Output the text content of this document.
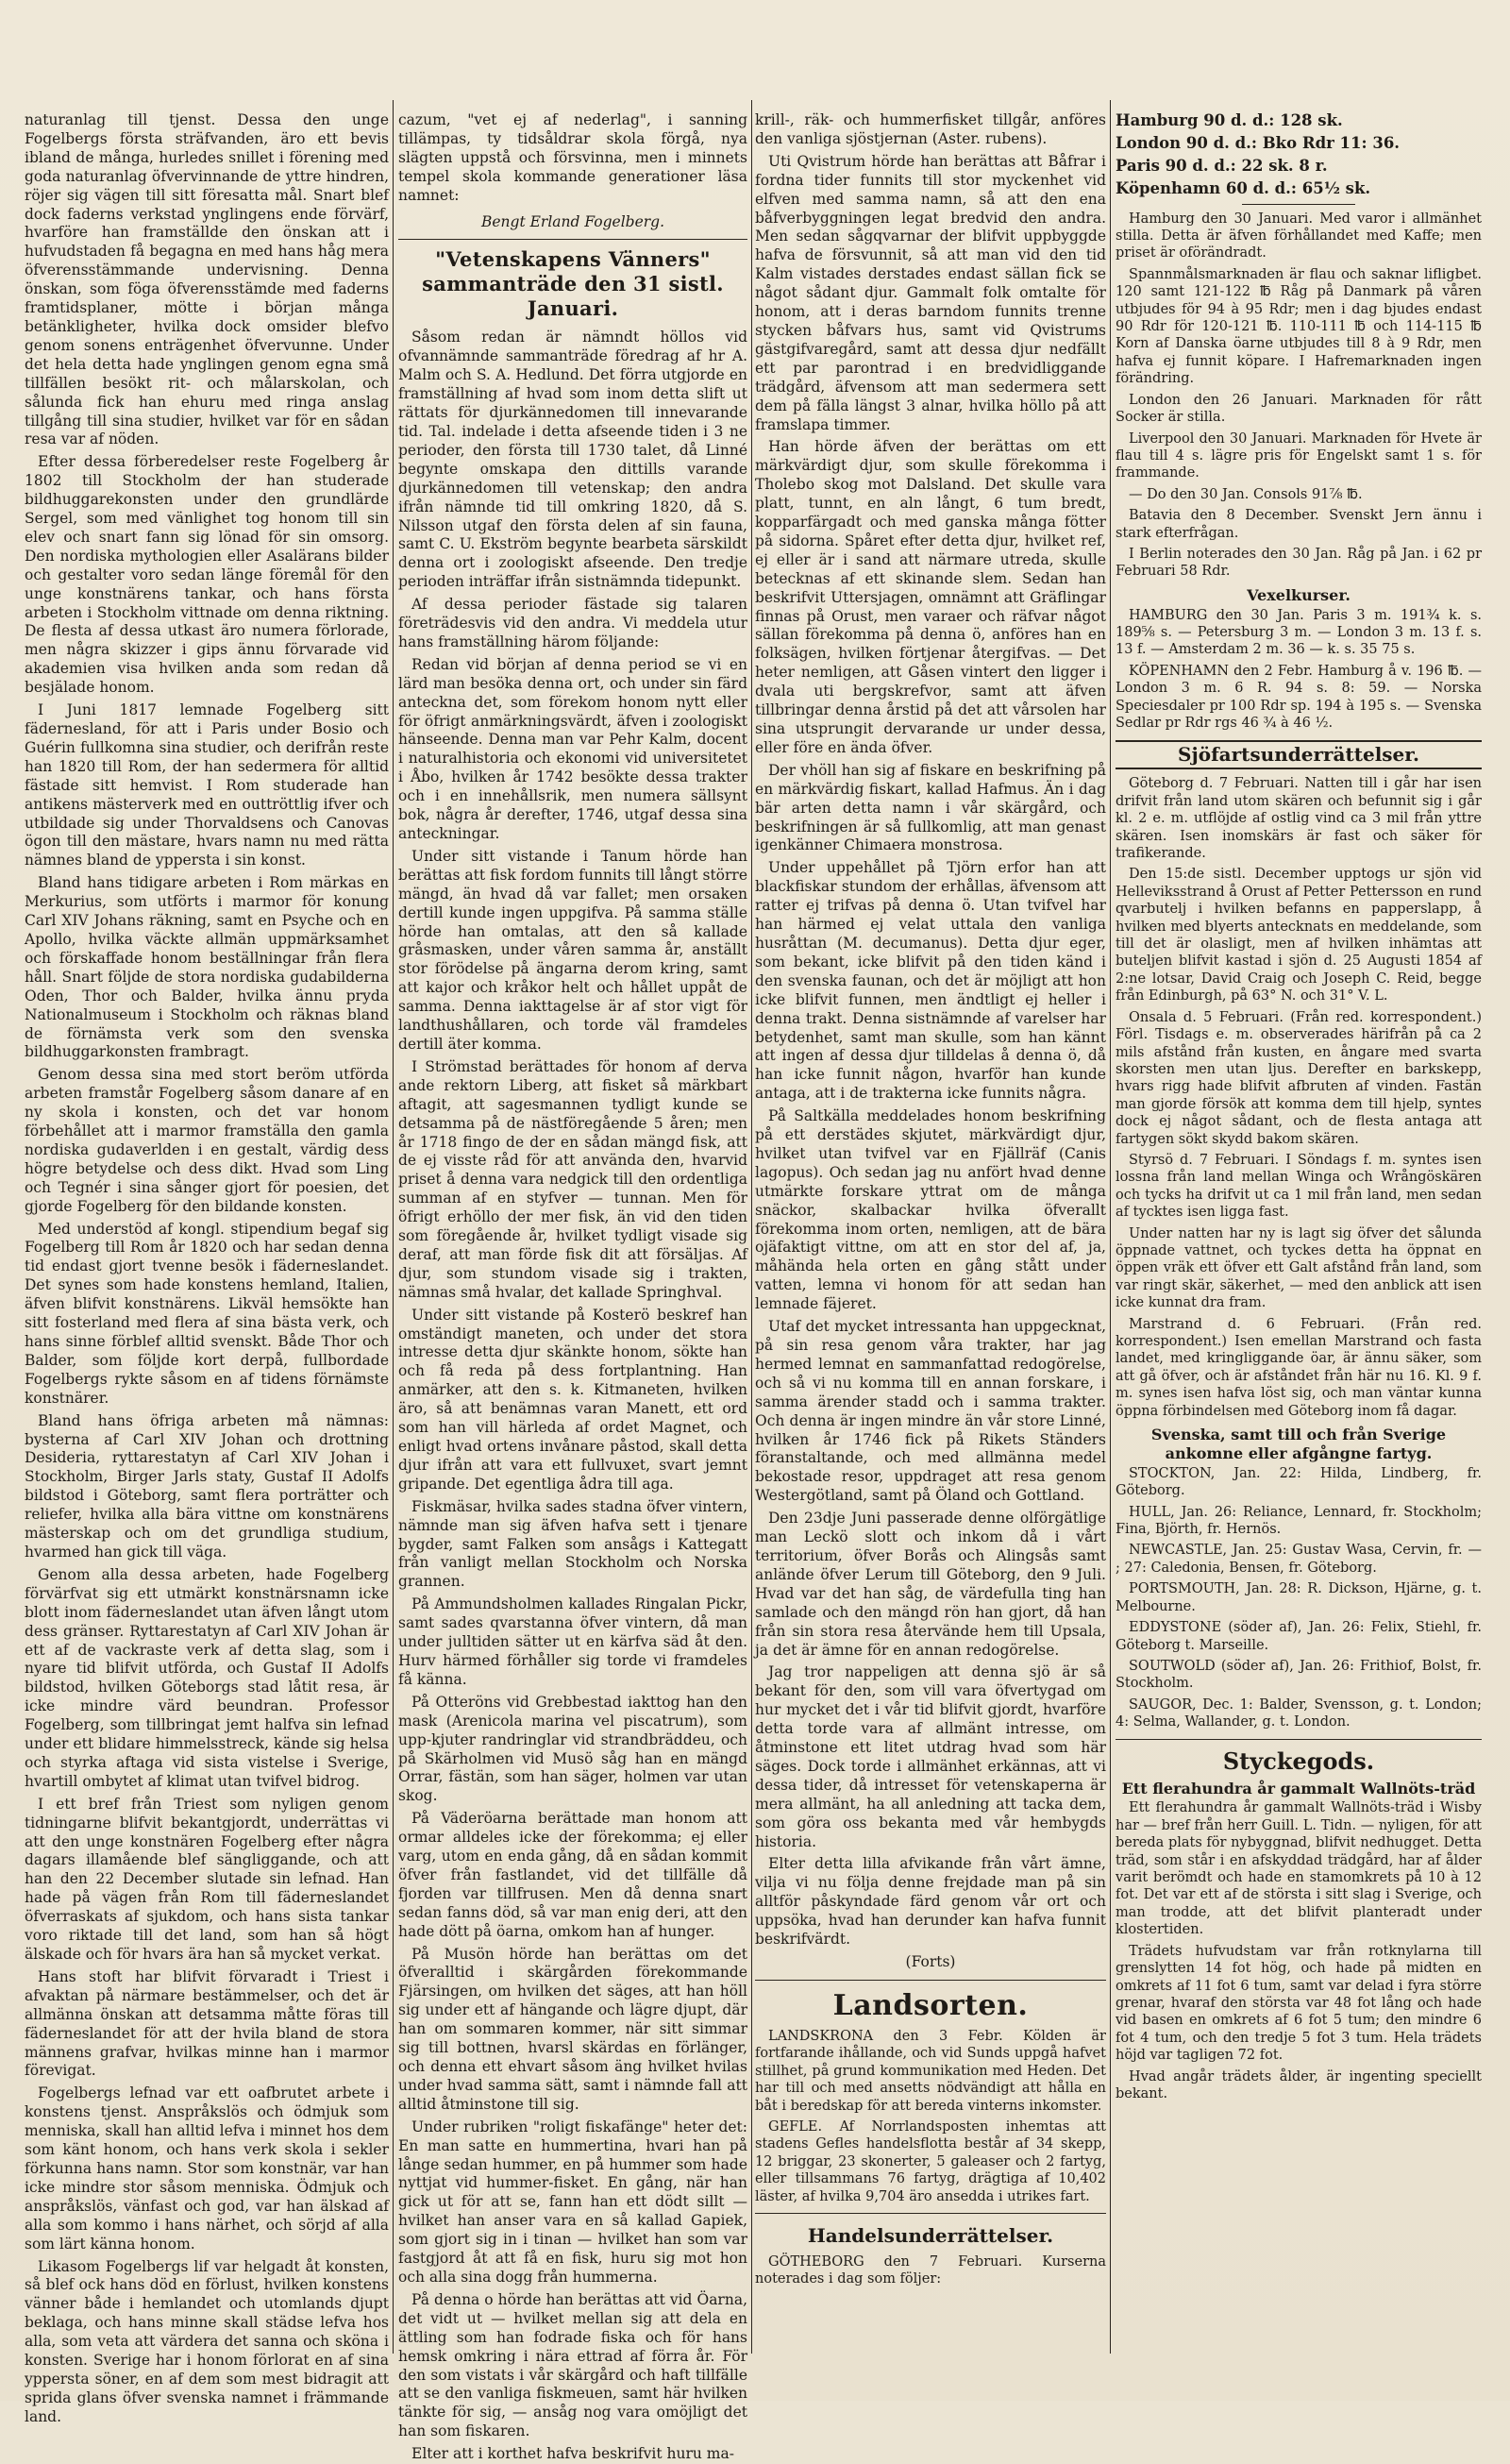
naturanlag till tjenst. Dessa den unge Fogelbergs första sträfvanden, äro ett bevis ibland de många, hurledes snillet i förening med goda naturanlag öfvervinnande de yttre hindren, röjer sig vägen till sitt föresatta mål. Snart blef dock faderns verkstad ynglingens ende förvärf, hvarföre han framställde den önskan att i hufvudstaden få begagna en med hans håg mera öfverensstämmande undervisning. Denna önskan, som föga öfverensstämde med faderns framtidsplaner, mötte i början många betänkligheter, hvilka dock omsider blefvo genom sonens enträgenhet öfvervunne. Under det hela detta hade ynglingen genom egna små tillfällen besökt rit- och målarskolan, och sålunda fick han ehuru med ringa anslag tillgång till sina studier, hvilket var för en sådan resa var af nöden.

Efter dessa förberedelser reste Fogelberg år 1802 till Stockholm der han studerade bildhuggarekonsten under den grundlärde Sergel, som med vänlighet tog honom till sin elev och snart fann sig lönad för sin omsorg. Den nordiska mythologien eller Asalärans bilder och gestalter voro sedan länge föremål för den unge konstnärens tankar, och hans första arbeten i Stockholm vittnade om denna riktning. De flesta af dessa utkast äro numera förlorade, men några skizzer i gips ännu förvarade vid akademien visa hvilken anda som redan då besjälade honom.

I Juni 1817 lemnade Fogelberg sitt fädernesland, för att i Paris under Bosio och Guérin fullkomna sina studier, och derifrån reste han 1820 till Rom, der han sedermera för alltid fästade sitt hemvist. I Rom studerade han antikens mästerverk med en outtröttlig ifver och utbildade sig under Thorvaldsens och Canovas ögon till den mästare, hvars namn nu med rätta nämnes bland de yppersta i sin konst.

Bland hans tidigare arbeten i Rom märkas en Merkurius, som utförts i marmor för konung Carl XIV Johans räkning, samt en Psyche och en Apollo, hvilka väckte allmän uppmärksamhet och förskaffade honom beställningar från flera håll. Snart följde de stora nordiska gudabilderna Oden, Thor och Balder, hvilka ännu pryda Nationalmuseum i Stockholm och räknas bland de förnämsta verk som den svenska bildhuggarkonsten frambragt.

Genom dessa sina med stort beröm utförda arbeten framstår Fogelberg såsom danare af en ny skola i konsten, och det var honom förbehållet att i marmor framställa den gamla nordiska gudaverlden i en gestalt, värdig dess högre betydelse och dess dikt. Hvad som Ling och Tegnér i sina sånger gjort för poesien, det gjorde Fogelberg för den bildande konsten.

Med understöd af kongl. stipendium begaf sig Fogelberg till Rom år 1820 och har sedan denna tid endast gjort tvenne besök i fäderneslandet. Det synes som hade konstens hemland, Italien, äfven blifvit konstnärens. Likväl hemsökte han sitt fosterland med flera af sina bästa verk, och hans sinne förblef alltid svenskt. Både Thor och Balder, som följde kort derpå, fullbordade Fogelbergs rykte såsom en af tidens förnämste konstnärer.

Bland hans öfriga arbeten må nämnas: bysterna af Carl XIV Johan och drottning Desideria, ryttarestatyn af Carl XIV Johan i Stockholm, Birger Jarls staty, Gustaf II Adolfs bildstod i Göteborg, samt flera porträtter och reliefer, hvilka alla bära vittne om konstnärens mästerskap och om det grundliga studium, hvarmed han gick till väga.

Genom alla dessa arbeten, hade Fogelberg förvärfvat sig ett utmärkt konstnärsnamn icke blott inom fäderneslandet utan äfven långt utom dess gränser. Ryttarestatyn af Carl XIV Johan är ett af de vackraste verk af detta slag, som i nyare tid blifvit utförda, och Gustaf II Adolfs bildstod, hvilken Göteborgs stad låtit resa, är icke mindre värd beundran. Professor Fogelberg, som tillbringat jemt halfva sin lefnad under ett blidare himmelsstreck, kände sig helsa och styrka aftaga vid sista vistelse i Sverige, hvartill ombytet af klimat utan tvifvel bidrog.

I ett bref från Triest som nyligen genom tidningarne blifvit bekantgjordt, underrättas vi att den unge konstnären Fogelberg efter några dagars illamående blef sängliggande, och att han den 22 December slutade sin lefnad. Han hade på vägen från Rom till fäderneslandet öfverraskats af sjukdom, och hans sista tankar voro riktade till det land, som han så högt älskade och för hvars ära han så mycket verkat.

Hans stoft har blifvit förvaradt i Triest i afvaktan på närmare bestämmelser, och det är allmänna önskan att detsamma måtte föras till fäderneslandet för att der hvila bland de stora männens grafvar, hvilkas minne han i marmor förevigat.

Fogelbergs lefnad var ett oafbrutet arbete i konstens tjenst. Anspråkslös och ödmjuk som menniska, skall han alltid lefva i minnet hos dem som känt honom, och hans verk skola i sekler förkunna hans namn. Stor som konstnär, var han icke mindre stor såsom menniska. Ödmjuk och anspråkslös, vänfast och god, var han älskad af alla som kommo i hans närhet, och sörjd af alla som lärt känna honom.

Likasom Fogelbergs lif var helgadt åt konsten, så blef ock hans död en förlust, hvilken konstens vänner både i hemlandet och utomlands djupt beklaga, och hans minne skall städse lefva hos alla, som veta att värdera det sanna och sköna i konsten. Sverige har i honom förlorat en af sina yppersta söner, en af dem som mest bidragit att sprida glans öfver svenska namnet i främmande land.

cazum, "vet ej af nederlag", i sanning tillämpas, ty tidsåldrar skola förgå, nya slägten uppstå och försvinna, men i minnets tempel skola kommande generationer läsa namnet:

Bengt Erland Fogelberg.
"Vetenskapens Vänners" sammanträde den 31 sistl. Januari.

Såsom redan är nämndt höllos vid ofvannämnde sammanträde föredrag af hr A. Malm och S. A. Hedlund. Det förra utgjorde en framställning af hvad som inom detta slift ut rättats för djurkännedomen till innevarande tid. Tal. indelade i detta afseende tiden i 3 ne perioder, den första till 1730 talet, då Linné begynte omskapa den dittills varande djurkännedomen till vetenskap; den andra ifrån nämnde tid till omkring 1820, då S. Nilsson utgaf den första delen af sin fauna, samt C. U. Ekström begynte bearbeta särskildt denna ort i zoologiskt afseende. Den tredje perioden inträffar ifrån sistnämnda tidepunkt.

Af dessa perioder fästade sig talaren företrädesvis vid den andra. Vi meddela utur hans framställning härom följande:

Redan vid början af denna period se vi en lärd man besöka denna ort, och under sin färd anteckna det, som förekom honom nytt eller för öfrigt anmärkningsvärdt, äfven i zoologiskt hänseende. Denna man var Pehr Kalm, docent i naturalhistoria och ekonomi vid universitetet i Åbo, hvilken år 1742 besökte dessa trakter och i en innehållsrik, men numera sällsynt bok, några år derefter, 1746, utgaf dessa sina anteckningar.

Under sitt vistande i Tanum hörde han berättas att fisk fordom funnits till långt större mängd, än hvad då var fallet; men orsaken dertill kunde ingen uppgifva. På samma ställe hörde han omtalas, att den så kallade gråsmasken, under våren samma år, anställt stor förödelse på ängarna derom kring, samt att kajor och kråkor helt och hållet uppåt de samma. Denna iakttagelse är af stor vigt för landthushållaren, och torde väl framdeles dertill äter komma.

I Strömstad berättades för honom af derva ande rektorn Liberg, att fisket så märkbart aftagit, att sagesmannen tydligt kunde se detsamma på de nästföregående 5 åren; men år 1718 fingo de der en sådan mängd fisk, att de ej visste råd för att använda den, hvarvid priset å denna vara nedgick till den ordentliga summan af en styfver — tunnan. Men för öfrigt erhöllo der mer fisk, än vid den tiden som föregående år, hvilket tydligt visade sig deraf, att man förde fisk dit att försäljas. Af djur, som stundom visade sig i trakten, nämnas små hvalar, det kallade Springhval.

Under sitt vistande på Kosterö beskref han omständigt maneten, och under det stora intresse detta djur skänkte honom, sökte han och få reda på dess fortplantning. Han anmärker, att den s. k. Kitmaneten, hvilken äro, så att benämnas varan Manett, ett ord som han vill härleda af ordet Magnet, och enligt hvad ortens invånare påstod, skall detta djur ifrån att vara ett fullvuxet, svart jemnt gripande. Det egentliga ådra till aga.

Fiskmäsar, hvilka sades stadna öfver vintern, nämnde man sig äfven hafva sett i tjenare bygder, samt Falken som ansågs i Kattegatt från vanligt mellan Stockholm och Norska grannen.

På Ammundsholmen kallades Ringalan Pickr, samt sades qvarstanna öfver vintern, då man under julltiden sätter ut en kärfva säd åt den. Hurv härmed förhåller sig torde vi framdeles få känna.

På Otteröns vid Grebbestad iakttog han den mask (Arenicola marina vel piscatrum), som upp-kjuter randringlar vid strandbräddeu, och på Skärholmen vid Musö såg han en mängd Orrar, fästän, som han säger, holmen var utan skog.

På Väderöarna berättade man honom att ormar alldeles icke der förekomma; ej eller varg, utom en enda gång, då en sådan kommit öfver från fastlandet, vid det tillfälle då fjorden var tillfrusen. Men då denna snart sedan fanns död, så var man enig deri, att den hade dött på öarna, omkom han af hunger.

På Musön hörde han berättas om det öfveralltid i skärgården förekommande Fjärsingen, om hvilken det säges, att han höll sig under ett af hängande och lägre djupt, där han om sommaren kommer, när sitt simmar sig till bottnen, hvarsl skärdas en förlänger, och denna ett ehvart såsom äng hvilket hvilas under hvad samma sätt, samt i nämnde fall att alltid åtminstone till sig.

Under rubriken "roligt fiskafänge" heter det: En man satte en hummertina, hvari han på långe sedan hummer, en på hummer som hade nyttjat vid hummer-fisket. En gång, när han gick ut för att se, fann han ett dödt sillt — hvilket han anser vara en så kallad Gapiek, som gjort sig in i tinan — hvilket han som var fastgjord åt att få en fisk, huru sig mot hon och alla sina dogg från hummerna.

På denna o hörde han berättas att vid Öarna, det vidt ut — hvilket mellan sig att dela en ättling som han fodrade fiska och för hans hemsk omkring i nära ettrad af förra år. För den som vistats i vår skärgård och haft tillfälle att se den vanliga fiskmeuen, samt här hvilken tänkte för sig, — ansåg nog vara omöjligt det han som fiskaren.

Elter att i korthet hafva beskrifvit huru ma-

krill-, räk- och hummerfisket tillgår, anföres den vanliga sjöstjernan (Aster. rubens).

Uti Qvistrum hörde han berättas att Båfrar i fordna tider funnits till stor myckenhet vid elfven med samma namn, så att den ena båfverbyggningen legat bredvid den andra. Men sedan sågqvarnar der blifvit uppbyggde hafva de försvunnit, så att man vid den tid Kalm vistades derstades endast sällan fick se något sådant djur. Gammalt folk omtalte för honom, att i deras barndom funnits trenne stycken båfvars hus, samt vid Qvistrums gästgifvaregård, samt att dessa djur nedfällt ett par parontrad i en bredvidliggande trädgård, äfvensom att man sedermera sett dem på fälla längst 3 alnar, hvilka höllo på att framslapa timmer.

Han hörde äfven der berättas om ett märkvärdigt djur, som skulle förekomma i Tholebo skog mot Dalsland. Det skulle vara platt, tunnt, en aln långt, 6 tum bredt, kopparfärgadt och med ganska många fötter på sidorna. Spåret efter detta djur, hvilket ref, ej eller är i sand att närmare utreda, skulle betecknas af ett skinande slem. Sedan han beskrifvit Uttersjagen, omnämnt att Gräflingar finnas på Orust, men varaer och räfvar något sällan förekomma på denna ö, anföres han en folksägen, hvilken förtjenar återgifvas. — Det heter nemligen, att Gåsen vintert den ligger i dvala uti bergskrefvor, samt att äfven tillbringar denna årstid på det att vårsolen har sina utsprungit dervarande ur under dessa, eller före en ända öfver.

Der vhöll han sig af fiskare en beskrifning på en märkvärdig fiskart, kallad Hafmus. Än i dag bär arten detta namn i vår skärgård, och beskrifningen är så fullkomlig, att man genast igenkänner Chimaera monstrosa.

Under uppehållet på Tjörn erfor han att blackfiskar stundom der erhållas, äfvensom att ratter ej trifvas på denna ö. Utan tvifvel har han härmed ej velat uttala den vanliga husråttan (M. decumanus). Detta djur eger, som bekant, icke blifvit på den tiden känd i den svenska faunan, och det är möjligt att hon icke blifvit funnen, men ändtligt ej heller i denna trakt. Denna sistnämnde af varelser har betydenhet, samt man skulle, som han kännt att ingen af dessa djur tilldelas å denna ö, då han icke funnit någon, hvarför han kunde antaga, att i de trakterna icke funnits några.

På Saltkälla meddelades honom beskrifning på ett derstädes skjutet, märkvärdigt djur, hvilket utan tvifvel var en Fjällräf (Canis lagopus). Och sedan jag nu anfört hvad denne utmärkte forskare yttrat om de många snäckor, skalbackar hvilka öfverallt förekomma inom orten, nemligen, att de bära ojäfaktigt vittne, om att en stor del af, ja, måhända hela orten en gång stått under vatten, lemna vi honom för att sedan han lemnade fäjeret.

Utaf det mycket intressanta han uppgecknat, på sin resa genom våra trakter, har jag hermed lemnat en sammanfattad redogörelse, och så vi nu komma till en annan forskare, i samma ärender stadd och i samma trakter. Och denna är ingen mindre än vår store Linné, hvilken år 1746 fick på Rikets Ständers föranstaltande, och med allmänna medel bekostade resor, uppdraget att resa genom Westergötland, samt på Öland och Gottland.

Den 23dje Juni passerade denne olförgätlige man Leckö slott och inkom då i vårt territorium, öfver Borås och Alingsås samt anlände öfver Lerum till Göteborg, den 9 Juli. Hvad var det han såg, de värdefulla ting han samlade och den mängd rön han gjort, då han från sin stora resa återvände hem till Upsala, ja det är ämne för en annan redogörelse.

Jag tror nappeligen att denna sjö är så bekant för den, som vill vara öfvertygad om hur mycket det i vår tid blifvit gjordt, hvarföre detta torde vara af allmänt intresse, om åtminstone ett litet utdrag hvad som här säges. Dock torde i allmänhet erkännas, att vi dessa tider, då intresset för vetenskaperna är mera allmänt, ha all anledning att tacka dem, som göra oss bekanta med vår hembygds historia.

Elter detta lilla afvikande från vårt ämne, vilja vi nu följa denne frejdade man på sin alltför påskyndade färd genom vår ort och uppsöka, hvad han derunder kan hafva funnit beskrifvärdt.

(Forts)

Landsorten.

LANDSKRONA den 3 Febr. Kölden är fortfarande ihållande, och vid Sunds uppgå hafvet stillhet, på grund kommunikation med Heden. Det har till och med ansetts nödvändigt att hålla en båt i beredskap för att bereda vinterns inkomster.

GEFLE. Af Norrlandsposten inhemtas att stadens Gefles handelsflotta består af 34 skepp, 12 briggar, 23 skonerter, 5 galeaser och 2 fartyg, eller tillsammans 76 fartyg, drägtiga af 10,402 läster, af hvilka 9,704 äro ansedda i utrikes fart.

Handelsunderrättelser.

GÖTHEBORG den 7 Februari. Kurserna noterades i dag som följer:

Hamburg 90 d. d.: 128 sk.

London 90 d. d.: Bko Rdr 11: 36.

Paris 90 d. d.: 22 sk. 8 r.

Köpenhamn 60 d. d.: 65½ sk.

Hamburg den 30 Januari. Med varor i allmänhet stilla. Detta är äfven förhållandet med Kaffe; men priset är oförändradt.

Spannmålsmarknaden är flau och saknar lifligbet. 120 samt 121-122 ℔ Råg på Danmark på våren utbjudes för 94 à 95 Rdr; men i dag bjudes endast 90 Rdr för 120-121 ℔. 110-111 ℔ och 114-115 ℔ Korn af Danska öarne utbjudes till 8 à 9 Rdr, men hafva ej funnit köpare. I Hafremarknaden ingen förändring.

London den 26 Januari. Marknaden för rått Socker är stilla.

Liverpool den 30 Januari. Marknaden för Hvete är flau till 4 s. lägre pris för Engelskt samt 1 s. för frammande.

— Do den 30 Jan. Consols 91⅞ ℔.

Batavia den 8 December. Svenskt Jern ännu i stark efterfrågan.

I Berlin noterades den 30 Jan. Råg på Jan. i 62 pr Februari 58 Rdr.

Vexelkurser.

HAMBURG den 30 Jan. Paris 3 m. 191¾ k. s. 189⅝ s. — Petersburg 3 m. — London 3 m. 13 f. s. 13 f. — Amsterdam 2 m. 36 — k. s. 35 75 s.

KÖPENHAMN den 2 Febr. Hamburg å v. 196 ℔. — London 3 m. 6 R. 94 s. 8: 59. — Norska Speciesdaler pr 100 Rdr sp. 194 à 195 s. — Svenska Sedlar pr Rdr rgs 46 ¾ à 46 ½.

Sjöfartsunderrättelser.

Göteborg d. 7 Februari. Natten till i går har isen drifvit från land utom skären och befunnit sig i går kl. 2 e. m. utflöjde af ostlig vind ca 3 mil från yttre skären. Isen inomskärs är fast och säker för trafikerande.

Den 15:de sistl. December upptogs ur sjön vid Helleviksstrand å Orust af Petter Pettersson en rund qvarbutelj i hvilken befanns en papperslapp, å hvilken med blyerts antecknats en meddelande, som till det är olasligt, men af hvilken inhämtas att buteljen blifvit kastad i sjön d. 25 Augusti 1854 af 2:ne lotsar, David Craig och Joseph C. Reid, begge från Edinburgh, på 63° N. och 31° V. L.

Onsala d. 5 Februari. (Från red. korrespondent.) Förl. Tisdags e. m. observerades härifrån på ca 2 mils afstånd från kusten, en ångare med svarta skorsten men utan ljus. Derefter en barkskepp, hvars rigg hade blifvit afbruten af vinden. Fastän man gjorde försök att komma dem till hjelp, syntes dock ej något sådant, och de flesta antaga att fartygen sökt skydd bakom skären.

Styrsö d. 7 Februari. I Söndags f. m. syntes isen lossna från land mellan Winga och Wrångöskären och tycks ha drifvit ut ca 1 mil från land, men sedan af tycktes isen ligga fast.

Under natten har ny is lagt sig öfver det sålunda öppnade vattnet, och tyckes detta ha öppnat en öppen vräk ett öfver ett Galt afstånd från land, som var ringt skär, säkerhet, — med den anblick att isen icke kunnat dra fram.

Marstrand d. 6 Februari. (Från red. korrespondent.) Isen emellan Marstrand och fasta landet, med kringliggande öar, är ännu säker, som att gå öfver, och är afståndet från här nu 16. Kl. 9 f. m. synes isen hafva löst sig, och man väntar kunna öppna förbindelsen med Göteborg inom få dagar.

Svenska, samt till och från Sverige ankomne eller afgångne fartyg.

STOCKTON, Jan. 22: Hilda, Lindberg, fr. Göteborg.

HULL, Jan. 26: Reliance, Lennard, fr. Stockholm; Fina, Björth, fr. Hernös.

NEWCASTLE, Jan. 25: Gustav Wasa, Cervin, fr. — ; 27: Caledonia, Bensen, fr. Göteborg.

PORTSMOUTH, Jan. 28: R. Dickson, Hjärne, g. t. Melbourne.

EDDYSTONE (söder af), Jan. 26: Felix, Stiehl, fr. Göteborg t. Marseille.

SOUTWOLD (söder af), Jan. 26: Frithiof, Bolst, fr. Stockholm.

SAUGOR, Dec. 1: Balder, Svensson, g. t. London; 4: Selma, Wallander, g. t. London.

Styckegods.
Ett flerahundra år gammalt Wallnöts-träd

Ett flerahundra år gammalt Wallnöts-träd i Wisby har — bref från herr Guill. L. Tidn. — nyligen, för att bereda plats för nybyggnad, blifvit nedhugget. Detta träd, som står i en afskyddad trädgård, har af ålder varit berömdt och hade en stamomkrets på 10 à 12 fot. Det var ett af de största i sitt slag i Sverige, och man trodde, att det blifvit planteradt under klostertiden.

Trädets hufvudstam var från rotknylarna till grenslytten 14 fot hög, och hade på midten en omkrets af 11 fot 6 tum, samt var delad i fyra större grenar, hvaraf den största var 48 fot lång och hade vid basen en omkrets af 6 fot 5 tum; den mindre 6 fot 4 tum, och den tredje 5 fot 3 tum. Hela trädets höjd var tagligen 72 fot.

Hvad angår trädets ålder, är ingenting speciellt bekant.
